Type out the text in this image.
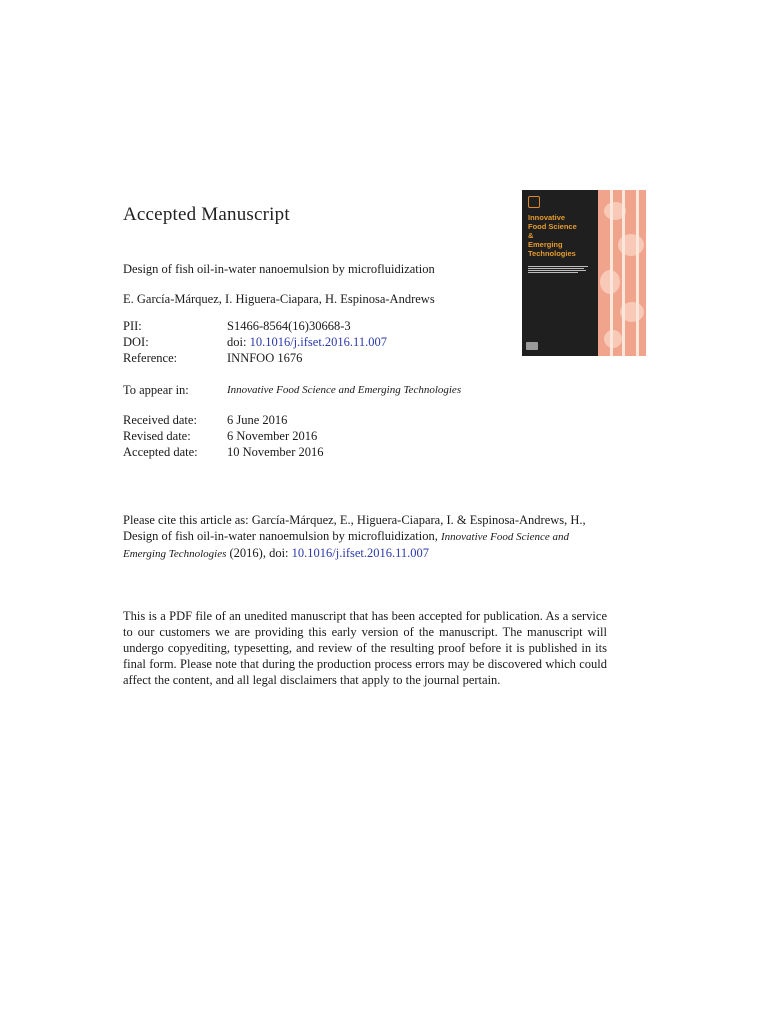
Accepted Manuscript
Design of fish oil-in-water nanoemulsion by microfluidization
E. García-Márquez, I. Higuera-Ciapara, H. Espinosa-Andrews
PII:	S1466-8564(16)30668-3
DOI:	doi: 10.1016/j.ifset.2016.11.007
Reference:	INNFOO 1676
To appear in:	Innovative Food Science and Emerging Technologies
Received date: 6 June 2016
Revised date:	6 November 2016
Accepted date: 10 November 2016
Please cite this article as: García-Márquez, E., Higuera-Ciapara, I. & Espinosa-Andrews, H., Design of fish oil-in-water nanoemulsion by microfluidization, Innovative Food Science and Emerging Technologies (2016), doi: 10.1016/j.ifset.2016.11.007
This is a PDF file of an unedited manuscript that has been accepted for publication. As a service to our customers we are providing this early version of the manuscript. The manuscript will undergo copyediting, typesetting, and review of the resulting proof before it is published in its final form. Please note that during the production process errors may be discovered which could affect the content, and all legal disclaimers that apply to the journal pertain.
Innovative
Food Science
&
Emerging
Technologies
